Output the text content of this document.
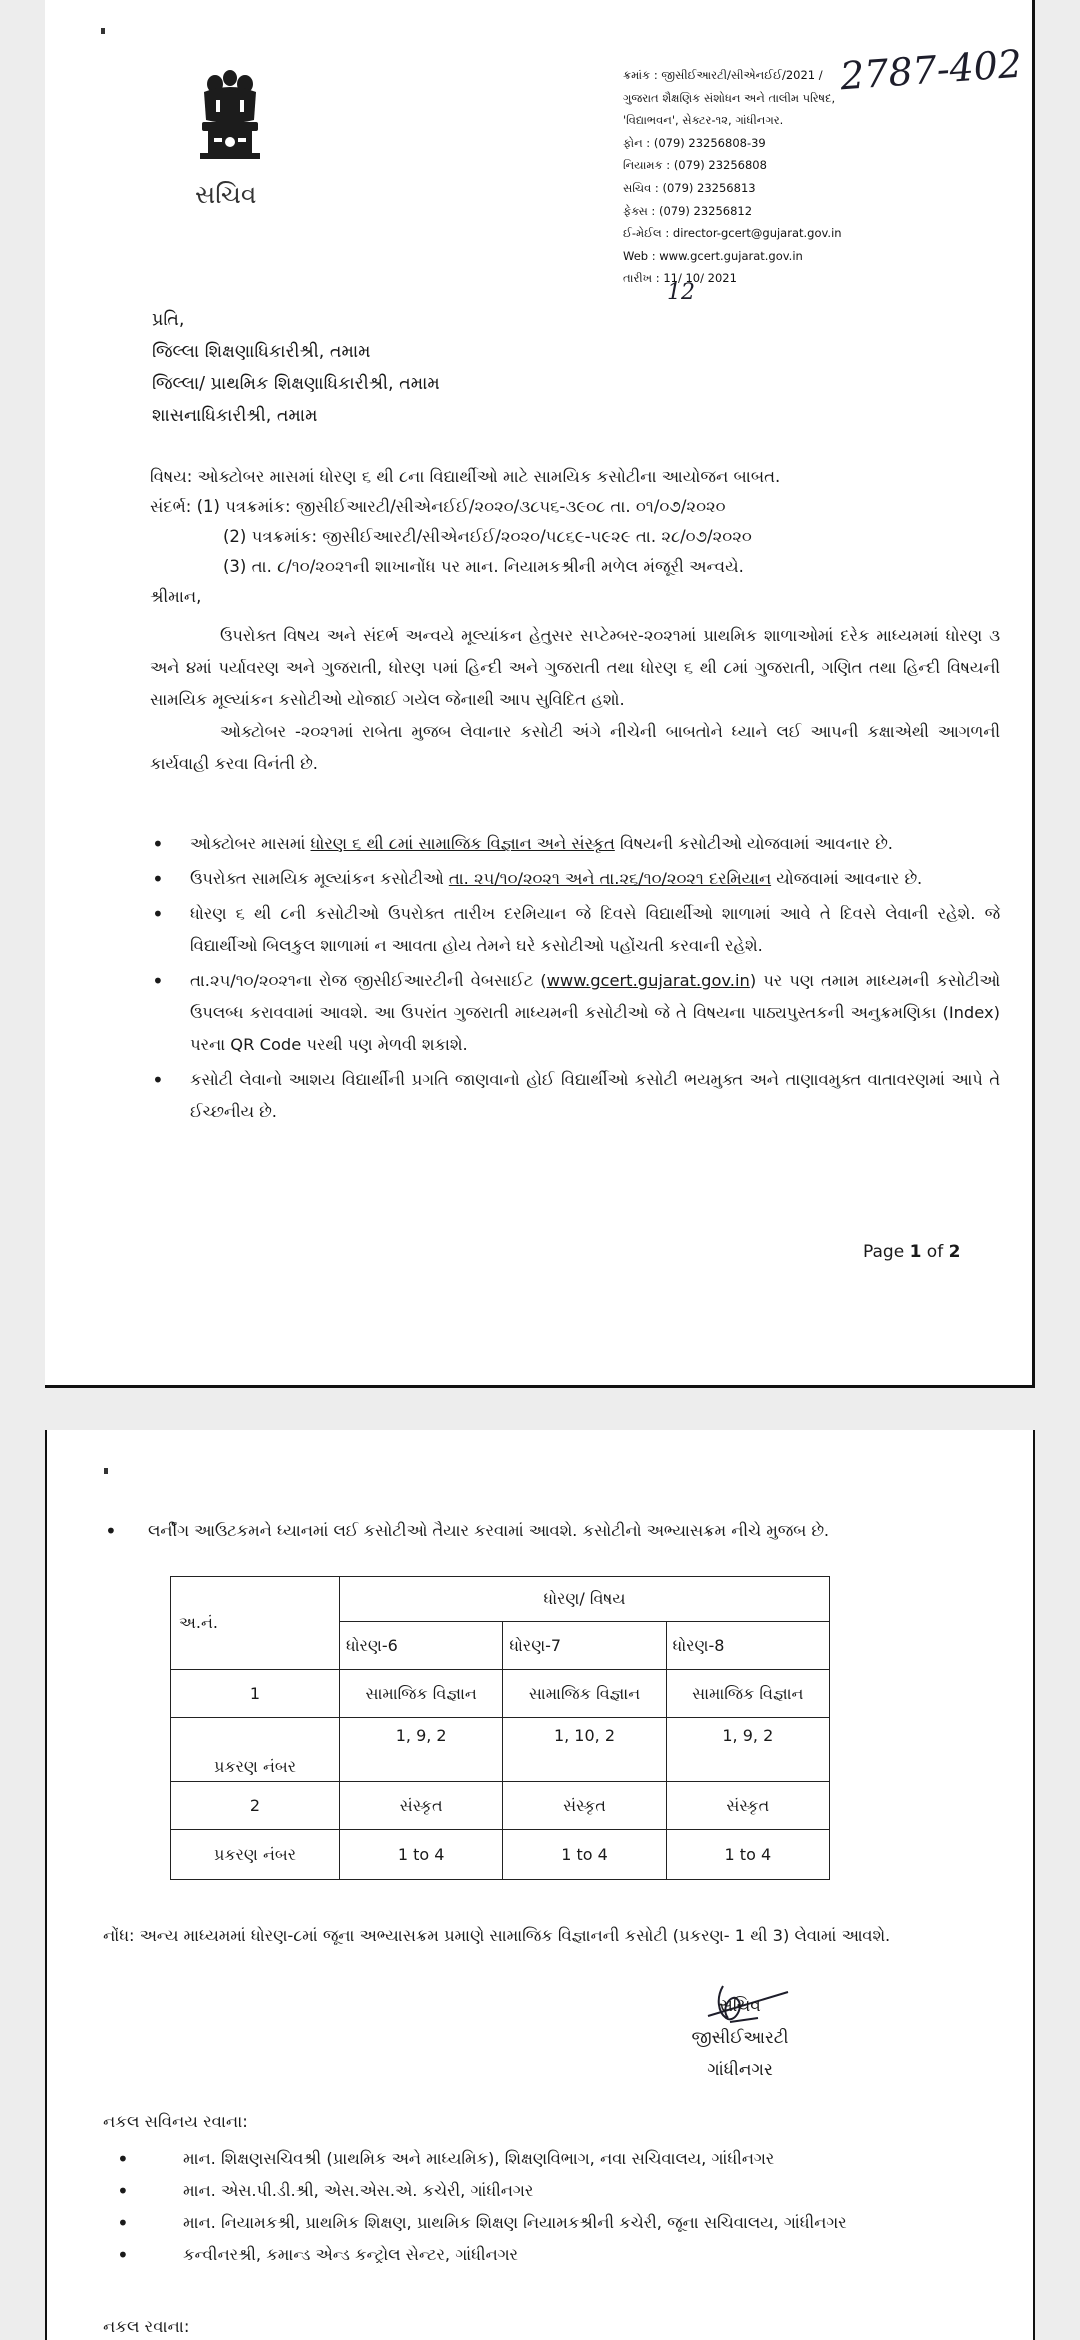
સચિવ
ક્રમાંક : જીસીઈઆરટી/સીએનઈઈ/2021 /
ગુજરાત શૈક્ષણિક સંશોધન અને તાલીમ પરિષદ,
'વિદ્યાભવન', સેક્ટર-૧૨, ગાંધીનગર.
ફોન : (079) 23256808-39
નિયામક : (079) 23256808
સચિવ : (079) 23256813
ફેક્સ : (079) 23256812
ઈ-મેઈલ : director-gcert@gujarat.gov.in
Web : www.gcert.gujarat.gov.in
તારીખ : 11/ 10/ 2021
2787-402
12
પ્રતિ,
જિલ્લા શિક્ષણાધિકારીશ્રી, તમામ
જિલ્લા/ પ્રાથમિક શિક્ષણાધિકારીશ્રી, તમામ
શાસનાધિકારીશ્રી, તમામ
વિષય: ઓક્ટોબર માસમાં ધોરણ ૬ થી ૮ના વિદ્યાર્થીઓ માટે સામયિક કસોટીના આયોજન બાબત.
સંદર્ભ: (1) પત્રક્રમાંક: જીસીઈઆરટી/સીએનઈઈ/૨૦૨૦/૩૮૫૬-૩૯૦૮ તા. ૦૧/૦૭/૨૦૨૦
(2) પત્રક્રમાંક: જીસીઈઆરટી/સીએનઈઈ/૨૦૨૦/૫૮૬૯-૫૯૨૯ તા. ૨૮/૦૭/૨૦૨૦
(3) તા. ૮/૧૦/૨૦૨૧ની શાખાનોંધ પર માન. નિયામકશ્રીની મળેલ મંજૂરી અન્વયે.
શ્રીમાન,

ઉપરોક્ત વિષય અને સંદર્ભ અન્વયે મૂલ્યાંકન હેતુસર સપ્ટેમ્બર-૨૦૨૧માં પ્રાથમિક શાળાઓમાં દરેક માધ્યમમાં ધોરણ ૩ અને ૪માં પર્યાવરણ અને ગુજરાતી, ધોરણ ૫માં હિન્દી અને ગુજરાતી તથા ધોરણ ૬ થી ૮માં ગુજરાતી, ગણિત તથા હિન્દી વિષયની સામયિક મૂલ્યાંકન કસોટીઓ યોજાઈ ગયેલ જેનાથી આપ સુવિદિત હશો.

ઓક્ટોબર -૨૦૨૧માં રાબેતા મુજબ લેવાનાર કસોટી અંગે નીચેની બાબતોને ધ્યાને લઈ આપની કક્ષાએથી આગળની કાર્યવાહી કરવા વિનંતી છે.

• ઓક્ટોબર માસમાં ધોરણ ૬ થી ૮માં સામાજિક વિજ્ઞાન અને સંસ્કૃત વિષયની કસોટીઓ યોજવામાં આવનાર છે.
• ઉપરોક્ત સામયિક મૂલ્યાંકન કસોટીઓ તા. ૨૫/૧૦/૨૦૨૧ અને તા.૨૬/૧૦/૨૦૨૧ દરમિયાન યોજવામાં આવનાર છે.
• ધોરણ ૬ થી ૮ની કસોટીઓ ઉપરોક્ત તારીખ દરમિયાન જે દિવસે વિદ્યાર્થીઓ શાળામાં આવે તે દિવસે લેવાની રહેશે. જે વિદ્યાર્થીઓ બિલકુલ શાળામાં ન આવતા હોય તેમને ઘરે કસોટીઓ પહોંચતી કરવાની રહેશે.
• તા.૨૫/૧૦/૨૦૨૧ના રોજ જીસીઈઆરટીની વેબસાઈટ (www.gcert.gujarat.gov.in) પર પણ તમામ માધ્યમની કસોટીઓ ઉપલબ્ધ કરાવવામાં આવશે. આ ઉપરાંત ગુજરાતી માધ્યમની કસોટીઓ જે તે વિષયના પાઠ્યપુસ્તકની અનુક્રમણિકા (Index) પરના QR Code પરથી પણ મેળવી શકાશે.
• કસોટી લેવાનો આશય વિદ્યાર્થીની પ્રગતિ જાણવાનો હોઈ વિદ્યાર્થીઓ કસોટી ભયમુક્ત અને તાણાવમુક્ત વાતાવરણમાં આપે તે ઈચ્છનીય છે.
Page 1 of 2
• લર્નીંગ આઉટકમને ધ્યાનમાં લઈ કસોટીઓ તૈયાર કરવામાં આવશે. કસોટીનો અભ્યાસક્રમ નીચે મુજબ છે.
અ.નં.	ધોરણ/ વિષય		
	ધોરણ-6	ધોરણ-7	ધોરણ-8
1	સામાજિક વિજ્ઞાન	સામાજિક વિજ્ઞાન	સામાજિક વિજ્ઞાન
પ્રકરણ નંબર	1, 9, 2	1, 10, 2	1, 9, 2
2	સંસ્કૃત	સંસ્કૃત	સંસ્કૃત
પ્રકરણ નંબર	1 to 4	1 to 4	1 to 4
નોંધ: અન્ય માધ્યમમાં ધોરણ-૮માં જૂના અભ્યાસક્રમ પ્રમાણે સામાજિક વિજ્ઞાનની કસોટી (પ્રકરણ- 1 થી 3) લેવામાં આવશે.
સચિવ
જીસીઈઆરટી
ગાંધીનગર
નકલ સવિનય રવાના:
• માન. શિક્ષણસચિવશ્રી (પ્રાથમિક અને માધ્યમિક), શિક્ષણવિભાગ, નવા સચિવાલય, ગાંધીનગર
• માન. એસ.પી.ડી.શ્રી, એસ.એસ.એ. કચેરી, ગાંધીનગર
• માન. નિયામકશ્રી, પ્રાથમિક શિક્ષણ, પ્રાથમિક શિક્ષણ નિયામકશ્રીની કચેરી, જૂના સચિવાલય, ગાંધીનગર
• કન્વીનરશ્રી, કમાન્ડ એન્ડ કન્ટ્રોલ સેન્ટર, ગાંધીનગર
નકલ રવાના:
